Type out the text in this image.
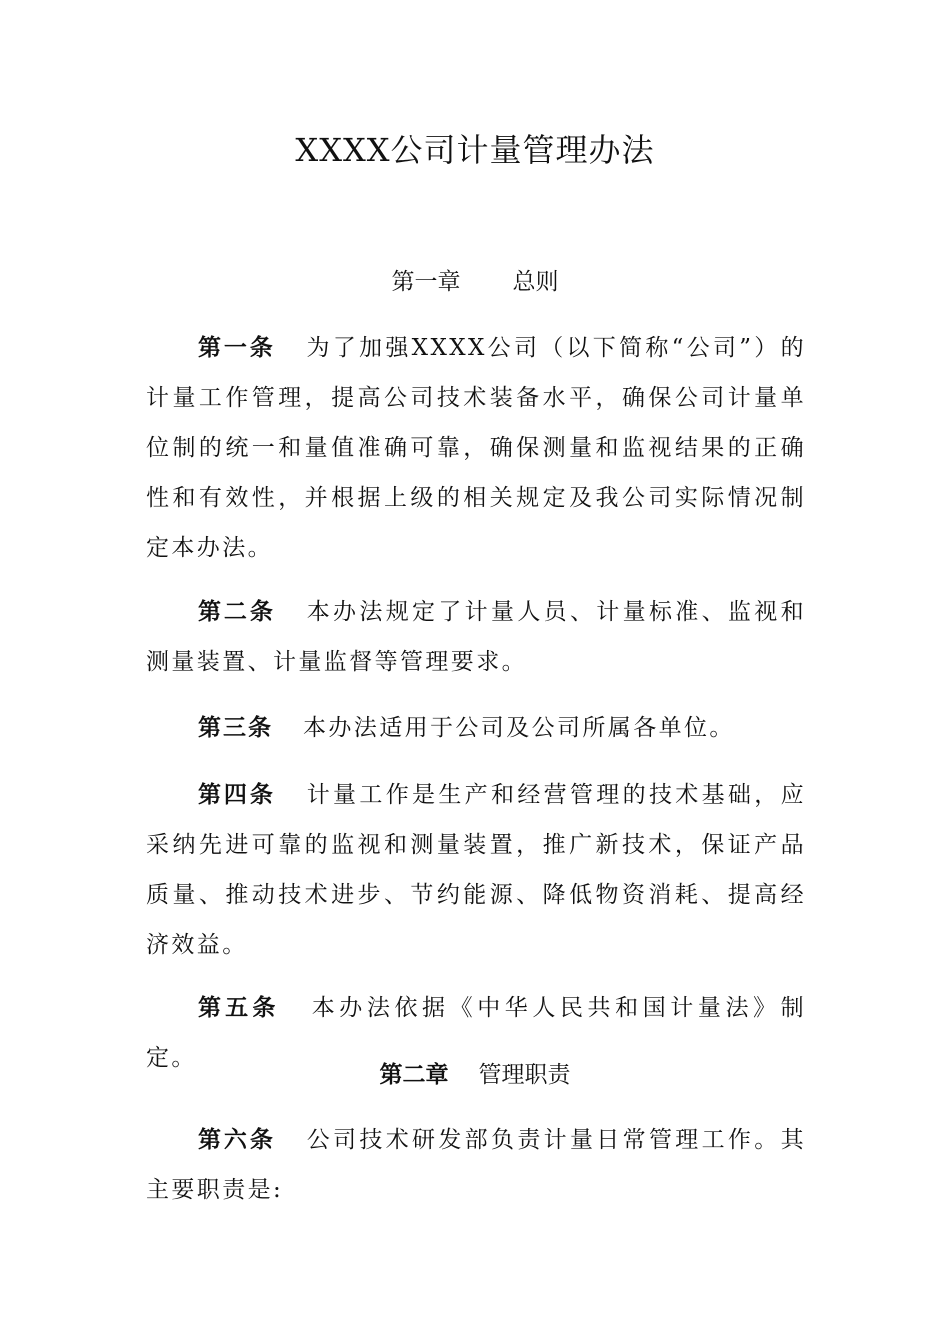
XXXX公司计量管理办法
第一章 总则

第一条 为了加强XXXX公司（以下简称“公司”）的计量工作管理，提高公司技术装备水平，确保公司计量单位制的统一和量值准确可靠，确保测量和监视结果的正确性和有效性，并根据上级的相关规定及我公司实际情况制定本办法。

第二条 本办法规定了计量人员、计量标准、监视和测量装置、计量监督等管理要求。

第三条 本办法适用于公司及公司所属各单位。

第四条 计量工作是生产和经营管理的技术基础，应采纳先进可靠的监视和测量装置，推广新技术，保证产品质量、推动技术进步、节约能源、降低物资消耗、提高经济效益。

第五条 本办法依据《中华人民共和国计量法》制定。

第二章 管理职责

第六条 公司技术研发部负责计量日常管理工作。其主要职责是:
